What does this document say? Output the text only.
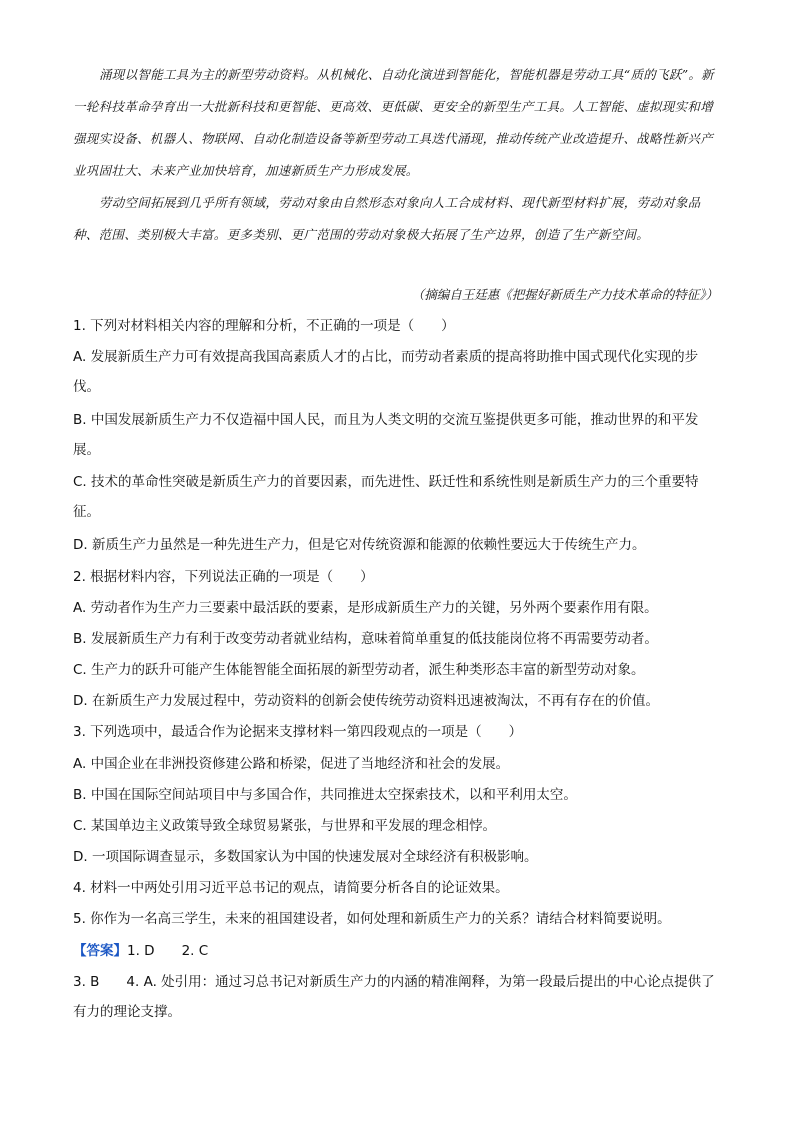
涌现以智能工具为主的新型劳动资料。从机械化、自动化演进到智能化，智能机器是劳动工具“质的飞跃”。新一轮科技革命孕育出一大批新科技和更智能、更高效、更低碳、更安全的新型生产工具。人工智能、虚拟现实和增强现实设备、机器人、物联网、自动化制造设备等新型劳动工具迭代涌现，推动传统产业改造提升、战略性新兴产业巩固壮大、未来产业加快培育，加速新质生产力形成发展。

劳动空间拓展到几乎所有领域，劳动对象由自然形态对象向人工合成材料、现代新型材料扩展，劳动对象品种、范围、类别极大丰富。更多类别、更广范围的劳动对象极大拓展了生产边界，创造了生产新空间。

（摘编自王廷惠《把握好新质生产力技术革命的特征》）

1. 下列对材料相关内容的理解和分析，不正确的一项是（　　）

A. 发展新质生产力可有效提高我国高素质人才的占比，而劳动者素质的提高将助推中国式现代化实现的步伐。

B. 中国发展新质生产力不仅造福中国人民，而且为人类文明的交流互鉴提供更多可能，推动世界的和平发展。

C. 技术的革命性突破是新质生产力的首要因素，而先进性、跃迁性和系统性则是新质生产力的三个重要特征。

D. 新质生产力虽然是一种先进生产力，但是它对传统资源和能源的依赖性要远大于传统生产力。

2. 根据材料内容，下列说法正确的一项是（　　）

A. 劳动者作为生产力三要素中最活跃的要素，是形成新质生产力的关键，另外两个要素作用有限。

B. 发展新质生产力有利于改变劳动者就业结构，意味着简单重复的低技能岗位将不再需要劳动者。

C. 生产力的跃升可能产生体能智能全面拓展的新型劳动者，派生种类形态丰富的新型劳动对象。

D. 在新质生产力发展过程中，劳动资料的创新会使传统劳动资料迅速被淘汰，不再有存在的价值。

3. 下列选项中，最适合作为论据来支撑材料一第四段观点的一项是（　　）

A. 中国企业在非洲投资修建公路和桥梁，促进了当地经济和社会的发展。

B. 中国在国际空间站项目中与多国合作，共同推进太空探索技术，以和平利用太空。

C. 某国单边主义政策导致全球贸易紧张，与世界和平发展的理念相悖。

D. 一项国际调查显示，多数国家认为中国的快速发展对全球经济有积极影响。

4. 材料一中两处引用习近平总书记的观点，请简要分析各自的论证效果。

5. 你作为一名高三学生，未来的祖国建设者，如何处理和新质生产力的关系？请结合材料简要说明。

【答案】1. D　　2. C

3. B　　4. A. 处引用：通过习总书记对新质生产力的内涵的精准阐释，为第一段最后提出的中心论点提供了有力的理论支撑。
